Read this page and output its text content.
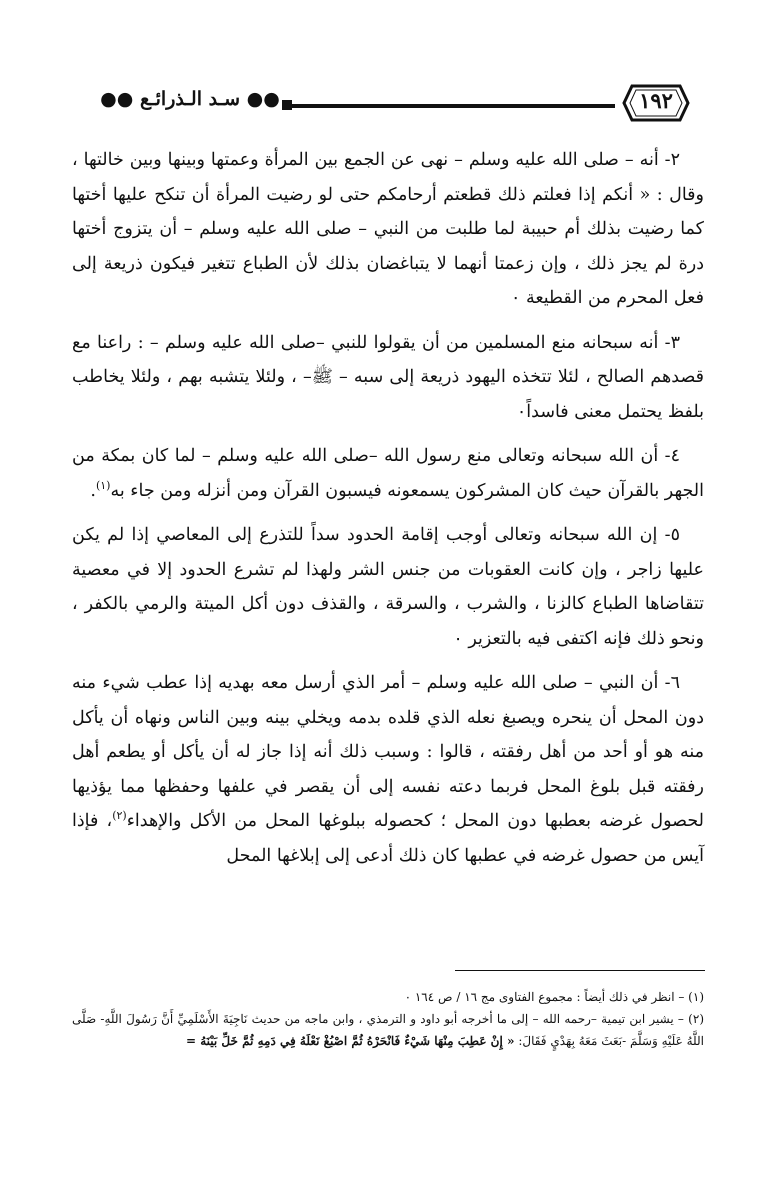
●● سـد الـذرائـع ●●	١٩٢

٢- أنه – صلى الله عليه وسلم – نهى عن الجمع بين المرأة وعمتها وبينها وبين خالتها ، وقال : « أنكم إذا فعلتم ذلك قطعتم أرحامكم حتى لو رضيت المرأة أن تنكح عليها أختها كما رضيت بذلك أم حبيبة لما طلبت من النبي – صلى الله عليه وسلم – أن يتزوج أختها درة لم يجز ذلك ، وإن زعمتا أنهما لا يتباغضان بذلك لأن الطباع تتغير فيكون ذريعة إلى فعل المحرم من القطيعة ٠

٣- أنه سبحانه منع المسلمين من أن يقولوا للنبي –صلى الله عليه وسلم – : راعنا مع قصدهم الصالح ، لئلا تتخذه اليهود ذريعة إلى سبه – ﷺ– ، ولئلا يتشبه بهم ، ولئلا يخاطب بلفظ يحتمل معنى فاسداً٠

٤- أن الله سبحانه وتعالى منع رسول الله –صلى الله عليه وسلم – لما كان بمكة من الجهر بالقرآن حيث كان المشركون يسمعونه فيسبون القرآن ومن أنزله ومن جاء به$^{(١)}$.

٥- إن الله سبحانه وتعالى أوجب إقامة الحدود سداً للتذرع إلى المعاصي إذا لم يكن عليها زاجر ، وإن كانت العقوبات من جنس الشر ولهذا لم تشرع الحدود إلا في معصية تتقاضاها الطباع كالزنا ، والشرب ، والسرقة ، والقذف دون أكل الميتة والرمي بالكفر ، ونحو ذلك فإنه اكتفى فيه بالتعزير ٠

٦- أن النبي – صلى الله عليه وسلم – أمر الذي أرسل معه بهديه إذا عطب شيء منه دون المحل أن ينحره ويصبغ نعله الذي قلده بدمه ويخلي بينه وبين الناس ونهاه أن يأكل منه هو أو أحد من أهل رفقته ، قالوا : وسبب ذلك أنه إذا جاز له أن يأكل أو يطعم أهل رفقته قبل بلوغ المحل فربما دعته نفسه إلى أن يقصر في علفها وحفظها مما يؤذيها لحصول غرضه بعطبها دون المحل ؛ كحصوله ببلوغها المحل من الأكل والإهداء$^{(٢)}$، فإذا آيس من حصول غرضه في عطبها كان ذلك أدعى إلى إبلاغها المحل

(١) – انظر في ذلك أيضاً : مجموع الفتاوى مج ١٦ / ص ١٦٤ ٠

(٢) – يشير ابن تيمية –رحمه الله – إلى ما أخرجه أبو داود و الترمذي ، وابن ماجه من حديث نَاجِيَةَ الأَسْلَمِيِّ أَنَّ رَسُولَ اللَّهِ- صَلَّى اللَّهُ عَلَيْهِ وَسَلَّمَ -بَعَثَ مَعَهُ بِهَدْيٍ فَقَالَ: « إِنْ عَطِبَ مِنْهَا شَيْءٌ فَانْحَرْهُ ثُمَّ اصْبُغْ نَعْلَهُ فِي دَمِهِ ثُمَّ خَلِّ بَيْنَهُ =
